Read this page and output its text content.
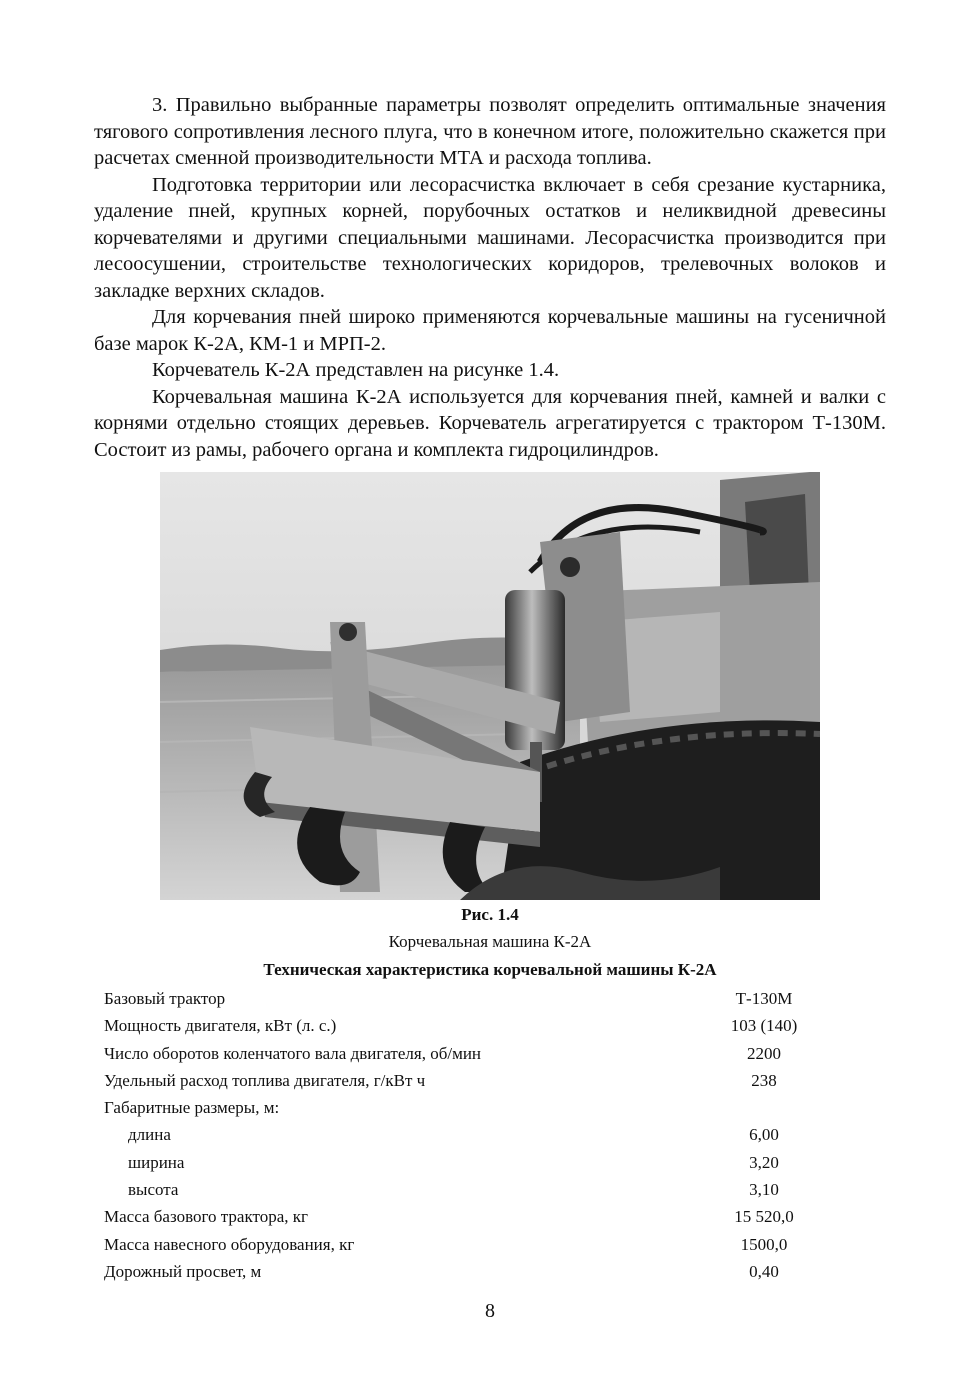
3. Правильно выбранные параметры позволят определить оптимальные значения тягового сопротивления лесного плуга, что в конечном итоге, положительно скажется при расчетах сменной производительности МТА и расхода топлива.

Подготовка территории или лесорасчистка включает в себя срезание кустарника, удаление пней, крупных корней, порубочных остатков и неликвидной древесины корчевателями и другими специальными машинами. Лесорасчистка производится при лесоосушении, строительстве технологических коридоров, трелевочных волоков и закладке верхних складов.

Для корчевания пней широко применяются корчевальные машины на гусеничной базе марок К-2А, КМ-1 и МРП-2.

Корчеватель К-2А представлен на рисунке 1.4.

Корчевальная машина К-2А используется для корчевания пней, камней и валки с корнями отдельно стоящих деревьев. Корчеватель агрегатируется с трактором Т-130М. Состоит из рамы, рабочего органа и комплекта гидроцилиндров.

Рис. 1.4
Корчевальная машина К-2А
Техническая характеристика корчевальной машины К-2А
Базовый трактор	Т-130М
Мощность двигателя, кВт (л. с.)	103 (140)
Число оборотов коленчатого вала двигателя, об/мин	2200
Удельный расход топлива двигателя, г/кВт ч	238
Габаритные размеры, м:
длина	6,00
ширина	3,20
высота	3,10
Масса базового трактора, кг	15 520,0
Масса навесного оборудования, кг	1500,0
Дорожный просвет, м	0,40
8
